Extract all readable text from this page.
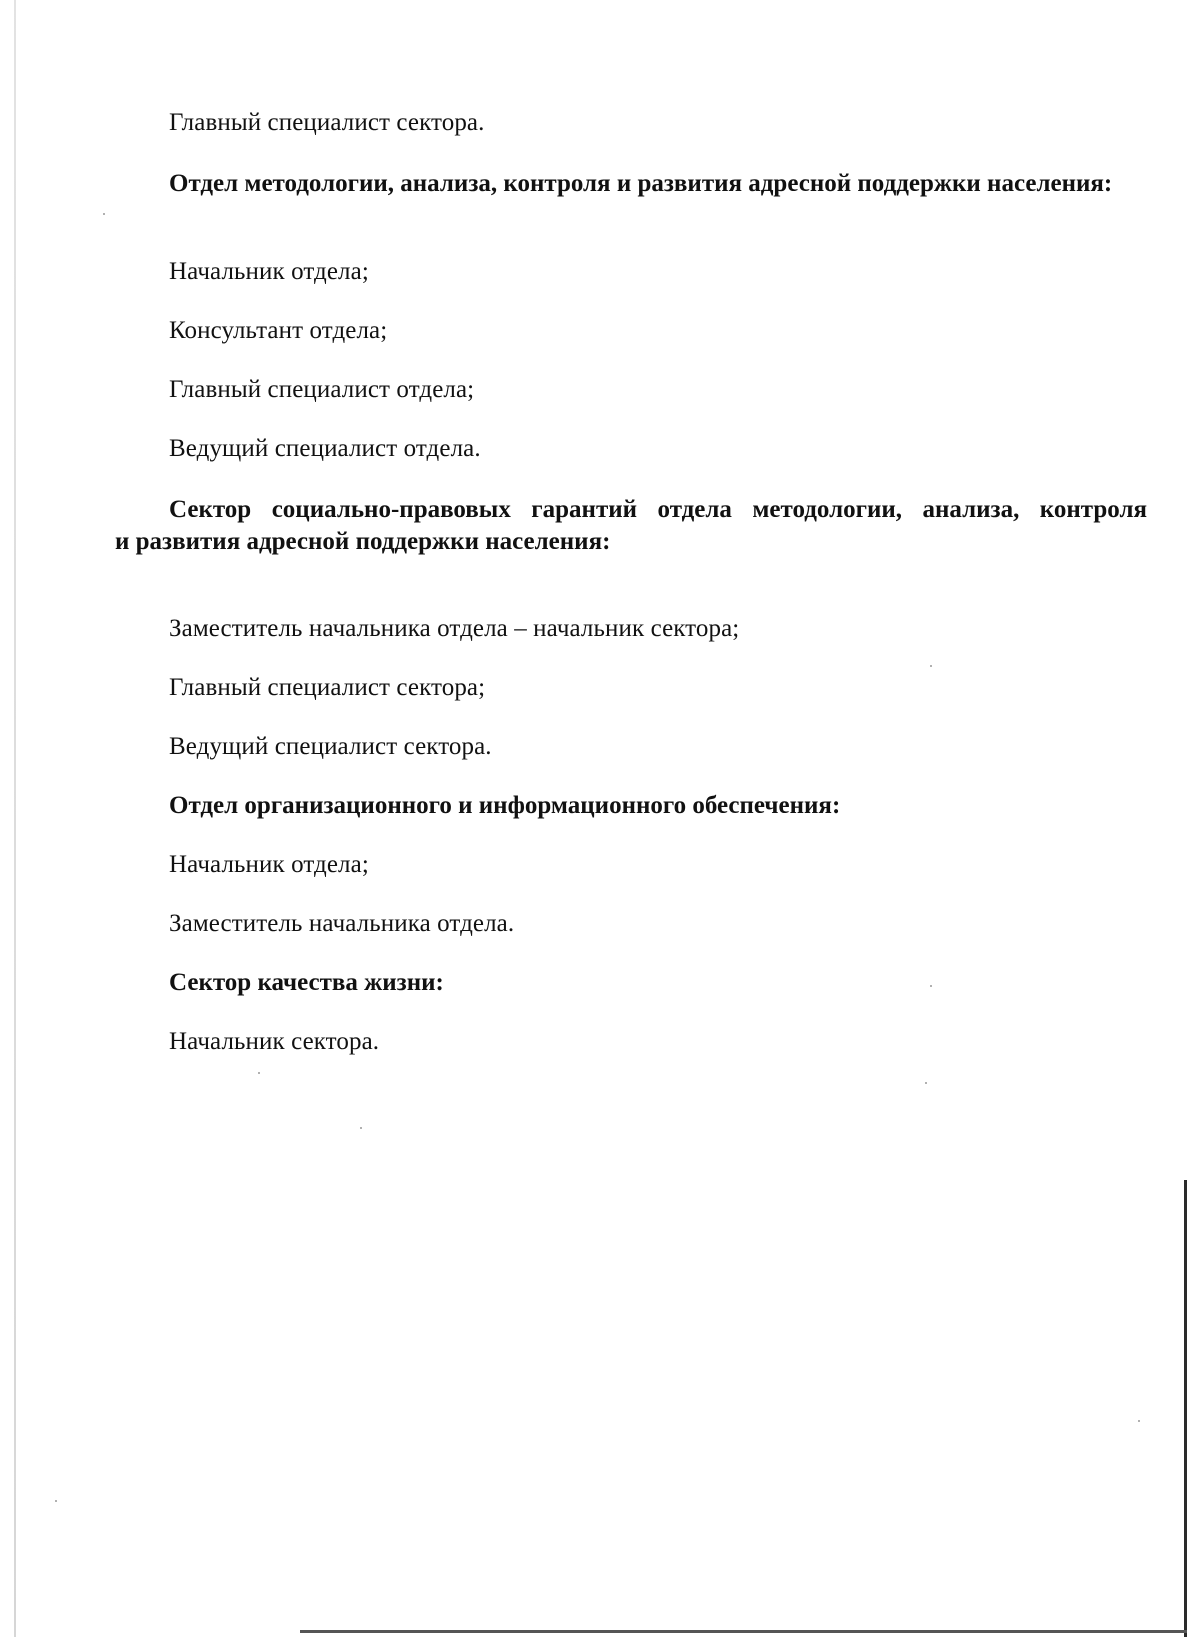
Главный специалист сектора.

Отдел методологии, анализа, контроля и развития адресной поддержки населения:

Начальник отдела;

Консультант отдела;

Главный специалист отдела;

Ведущий специалист отдела.

Сектор социально-правовых гарантий отдела методологии, анализа, контроля
и развития адресной поддержки населения:

Заместитель начальника отдела – начальник сектора;

Главный специалист сектора;

Ведущий специалист сектора.

Отдел организационного и информационного обеспечения:

Начальник отдела;

Заместитель начальника отдела.

Сектор качества жизни:

Начальник сектора.
